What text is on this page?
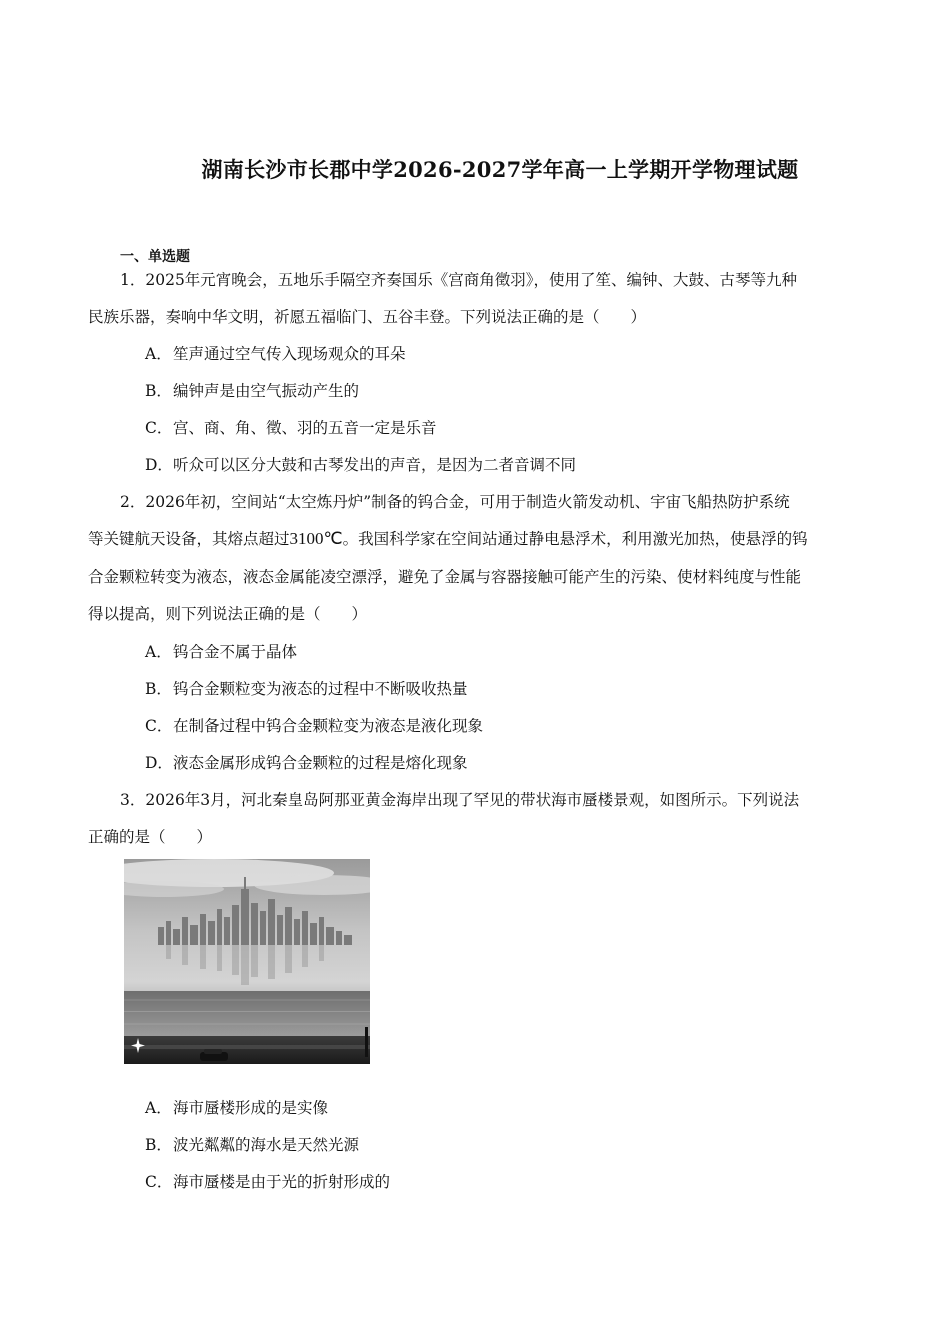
湖南长沙市长郡中学2026-2027学年高一上学期开学物理试题
一、单选题
1．2025年元宵晚会，五地乐手隔空齐奏国乐《宫商角徵羽》，使用了笙、编钟、大鼓、古琴等九种
民族乐器，奏响中华文明，祈愿五福临门、五谷丰登。下列说法正确的是（　　）
A．笙声通过空气传入现场观众的耳朵
B．编钟声是由空气振动产生的
C．宫、商、角、徵、羽的五音一定是乐音
D．听众可以区分大鼓和古琴发出的声音，是因为二者音调不同
2．2026年初，空间站“太空炼丹炉”制备的钨合金，可用于制造火箭发动机、宇宙飞船热防护系统
等关键航天设备，其熔点超过3100℃。我国科学家在空间站通过静电悬浮术，利用激光加热，使悬浮的钨
合金颗粒转变为液态，液态金属能凌空漂浮，避免了金属与容器接触可能产生的污染、使材料纯度与性能
得以提高，则下列说法正确的是（　　）
A．钨合金不属于晶体
B．钨合金颗粒变为液态的过程中不断吸收热量
C．在制备过程中钨合金颗粒变为液态是液化现象
D．液态金属形成钨合金颗粒的过程是熔化现象
3．2026年3月，河北秦皇岛阿那亚黄金海岸出现了罕见的带状海市蜃楼景观，如图所示。下列说法
正确的是（　　）
A．海市蜃楼形成的是实像
B．波光粼粼的海水是天然光源
C．海市蜃楼是由于光的折射形成的
